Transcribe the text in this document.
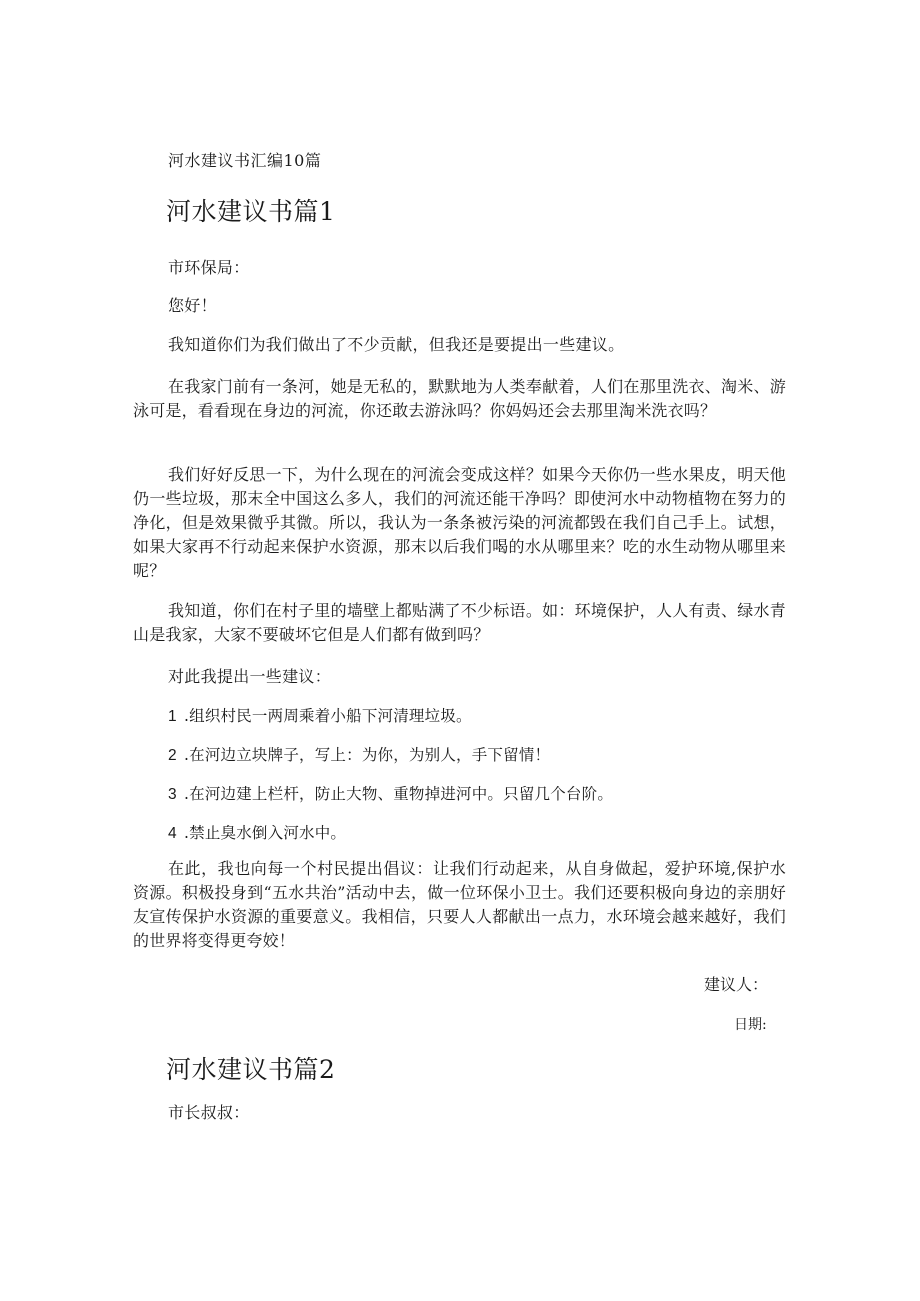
河水建议书汇编10篇
河水建议书篇1
市环保局：
您好！
我知道你们为我们做出了不少贡献，但我还是要提出一些建议。
在我家门前有一条河，她是无私的，默默地为人类奉献着，人们在那里洗衣、淘米、游泳可是，看看现在身边的河流，你还敢去游泳吗？你妈妈还会去那里淘米洗衣吗？
我们好好反思一下，为什么现在的河流会变成这样？如果今天你仍一些水果皮，明天他仍一些垃圾，那末全中国这么多人，我们的河流还能干净吗？即使河水中动物植物在努力的净化，但是效果微乎其微。所以，我认为一条条被污染的河流都毁在我们自己手上。试想，如果大家再不行动起来保护水资源，那末以后我们喝的水从哪里来？吃的水生动物从哪里来呢？
我知道，你们在村子里的墙壁上都贴满了不少标语。如：环境保护，人人有责、绿水青山是我家，大家不要破坏它但是人们都有做到吗？
对此我提出一些建议：
1 .组织村民一两周乘着小船下河清理垃圾。
2 .在河边立块牌子，写上：为你，为别人，手下留情！
3 .在河边建上栏杆，防止大物、重物掉进河中。只留几个台阶。
4 .禁止臭水倒入河水中。
在此，我也向每一个村民提出倡议：让我们行动起来，从自身做起，爱护环境,保护水资源。积极投身到“五水共治”活动中去，做一位环保小卫士。我们还要积极向身边的亲朋好友宣传保护水资源的重要意义。我相信，只要人人都献出一点力，水环境会越来越好，我们的世界将变得更夸姣！
建议人：
日期:
河水建议书篇2
市长叔叔：
